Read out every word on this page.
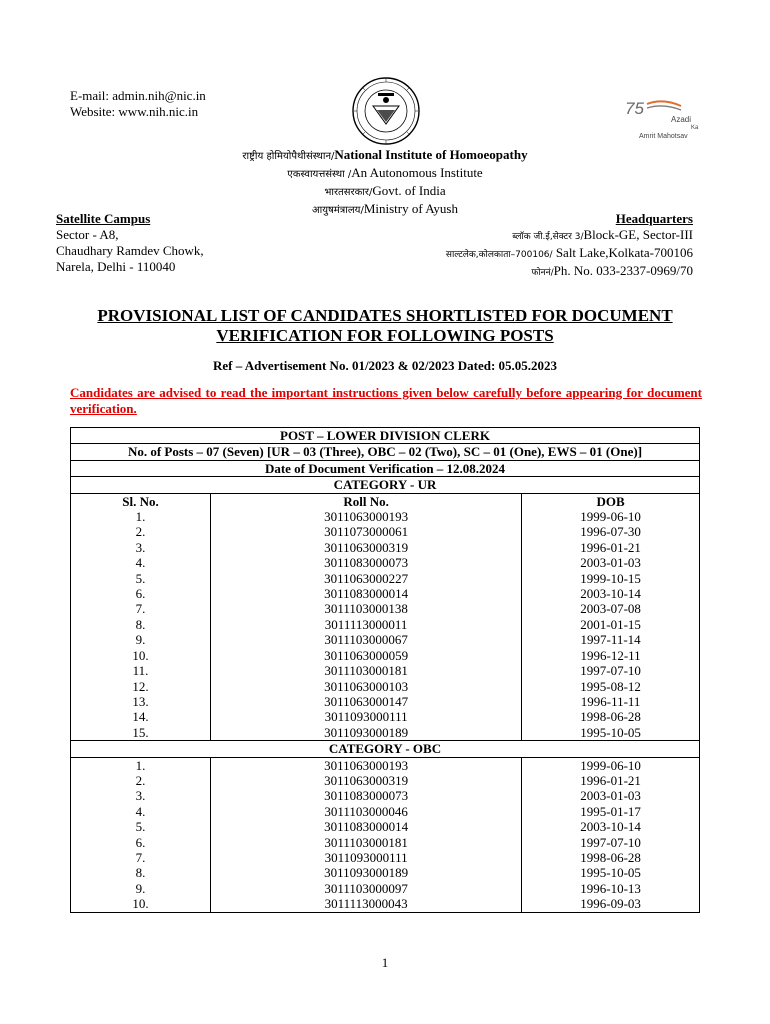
E-mail: admin.nih@nic.in
Website: www.nih.nic.in	75
Azadi
Ka
Amrit Mahotsav
राष्ट्रीय होमियोपैथीसंस्थान/National Institute of Homoeopathy
एकस्वायत्तसंस्था /An Autonomous Institute
भारतसरकार/Govt. of India
आयुषमंत्रालय/Ministry of Ayush
Satellite Campus
Sector - A8,
Chaudhary Ramdev Chowk,
Narela, Delhi - 110040
Headquarters
ब्लॉक जी.ई,सेक्टर 3/Block-GE, Sector-III
साल्टलेक,कोलकाता–700106/ Salt Lake,Kolkata-700106
फोननं/Ph. No. 033-2337-0969/70
PROVISIONAL LIST OF CANDIDATES SHORTLISTED FOR DOCUMENT VERIFICATION FOR FOLLOWING POSTS
Ref – Advertisement No. 01/2023 & 02/2023 Dated: 05.05.2023
Candidates are advised to read the important instructions given below carefully before appearing for document verification.
POST – LOWER DIVISION CLERK		
No. of Posts – 07 (Seven) [UR – 03 (Three), OBC – 02 (Two), SC – 01 (One), EWS – 01 (One)]		
Date of Document Verification – 12.08.2024		
CATEGORY - UR		
Sl. No.	Roll No.	DOB
1.	3011063000193	1999-06-10
2.	3011073000061	1996-07-30
3.	3011063000319	1996-01-21
4.	3011083000073	2003-01-03
5.	3011063000227	1999-10-15
6.	3011083000014	2003-10-14
7.	3011103000138	2003-07-08
8.	3011113000011	2001-01-15
9.	3011103000067	1997-11-14
10.	3011063000059	1996-12-11
11.	3011103000181	1997-07-10
12.	3011063000103	1995-08-12
13.	3011063000147	1996-11-11
14.	3011093000111	1998-06-28
15.	3011093000189	1995-10-05
CATEGORY - OBC		
1.	3011063000193	1999-06-10
2.	3011063000319	1996-01-21
3.	3011083000073	2003-01-03
4.	3011103000046	1995-01-17
5.	3011083000014	2003-10-14
6.	3011103000181	1997-07-10
7.	3011093000111	1998-06-28
8.	3011093000189	1995-10-05
9.	3011103000097	1996-10-13
10.	3011113000043	1996-09-03
1
